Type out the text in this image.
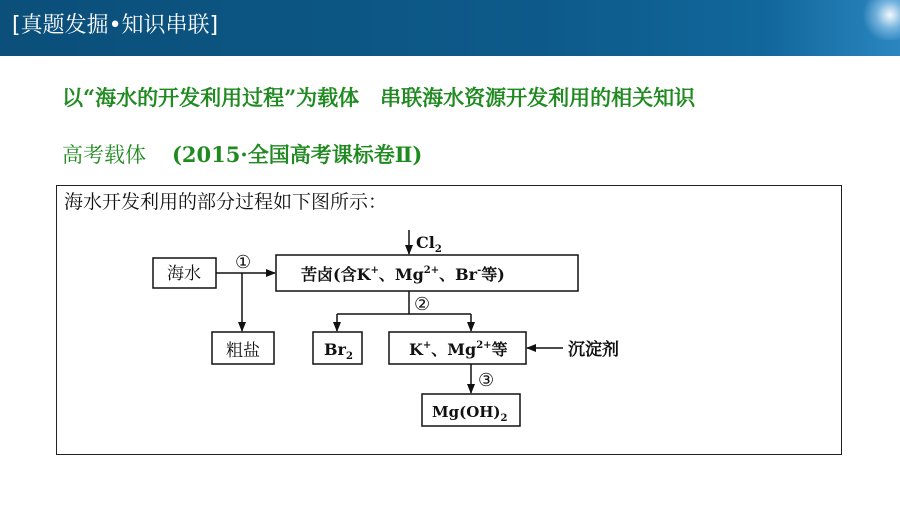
[真题发掘•知识串联]
以“海水的开发利用过程”为载体　串联海水资源开发利用的相关知识
高考载体 (2015·全国高考课标卷Ⅱ)
海水开发利用的部分过程如下图所示：
海水
粗盐
苦卤(含K+、$Mg^{2+}$、Br-等)
$Br_2$	K+、$Mg^{2+}$等
$Mg(OH)_2$
沉淀剂
$Cl_2$
①
②
③
